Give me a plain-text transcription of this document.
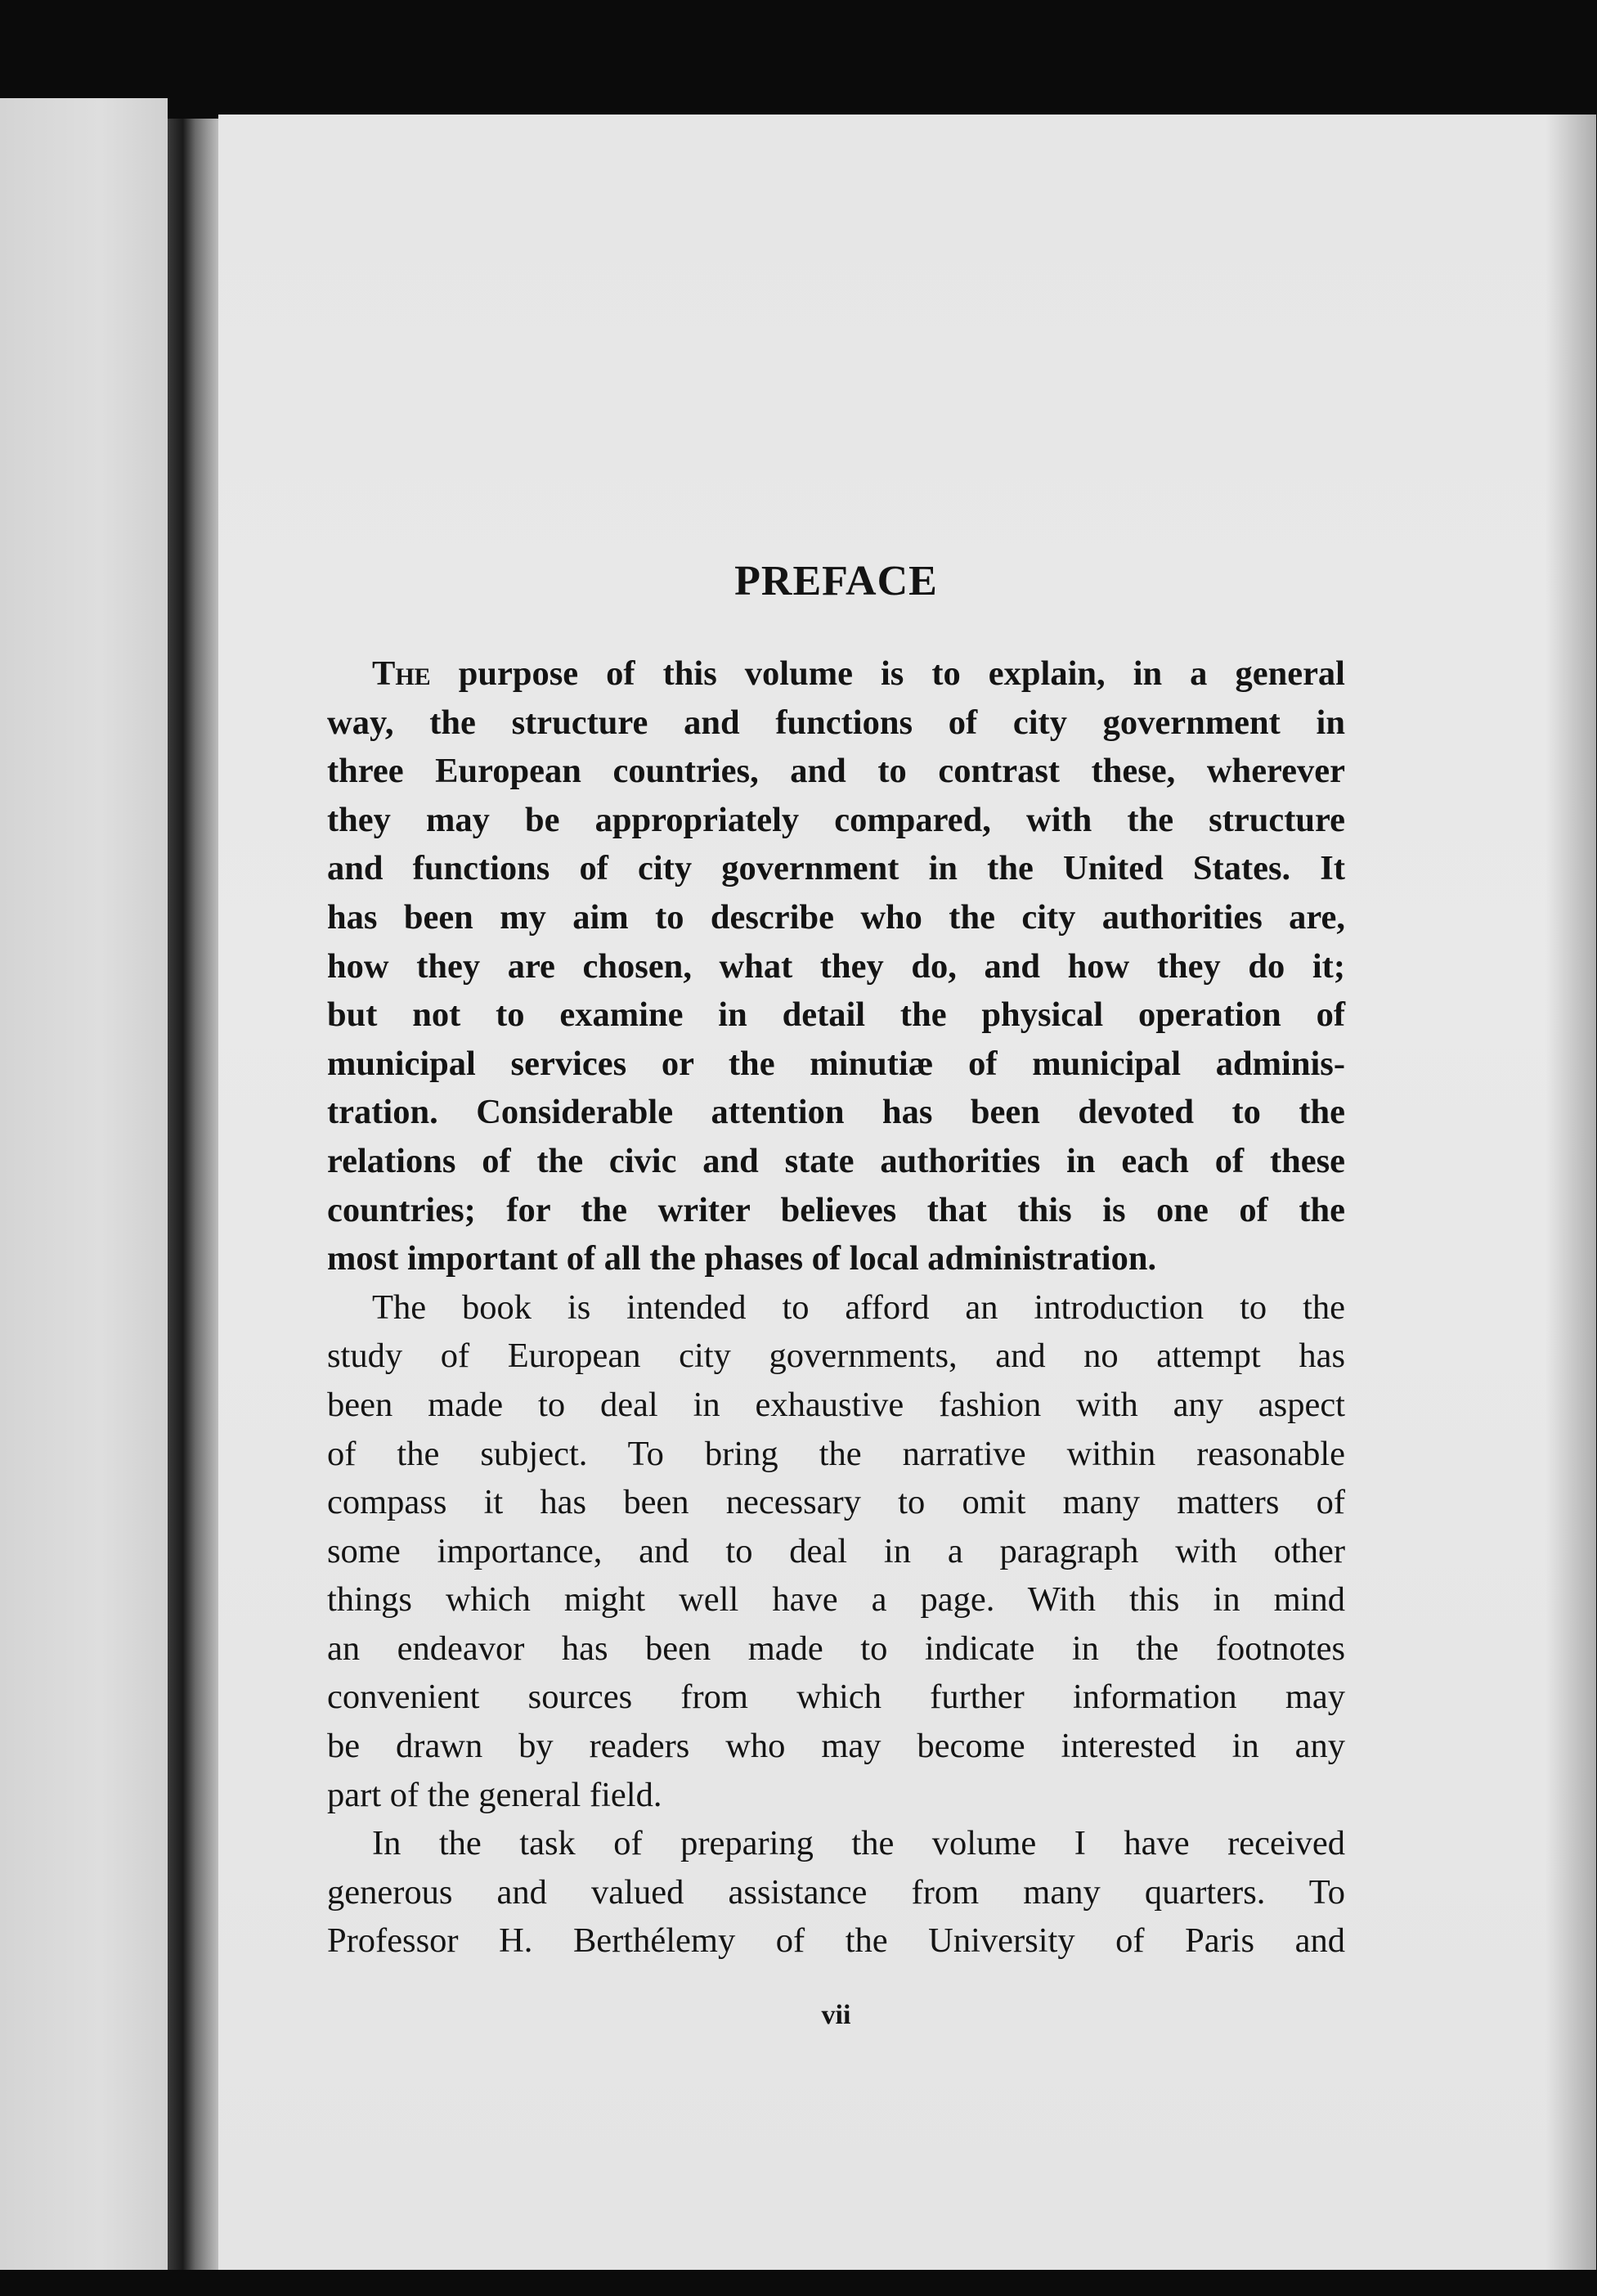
PREFACE
The purpose of this volume is to explain, in a general
way, the structure and functions of city government in
three European countries, and to contrast these, wherever
they may be appropriately compared, with the structure
and functions of city government in the United States. It
has been my aim to describe who the city authorities are,
how they are chosen, what they do, and how they do it;
but not to examine in detail the physical operation of
municipal services or the minutiæ of municipal adminis-
tration. Considerable attention has been devoted to the
relations of the civic and state authorities in each of these
countries; for the writer believes that this is one of the
most important of all the phases of local administration.
The book is intended to afford an introduction to the
study of European city governments, and no attempt has
been made to deal in exhaustive fashion with any aspect
of the subject. To bring the narrative within reasonable
compass it has been necessary to omit many matters of
some importance, and to deal in a paragraph with other
things which might well have a page. With this in mind
an endeavor has been made to indicate in the footnotes
convenient sources from which further information may
be drawn by readers who may become interested in any
part of the general field.
In the task of preparing the volume I have received
generous and valued assistance from many quarters. To
Professor H. Berthélemy of the University of Paris and
vii
